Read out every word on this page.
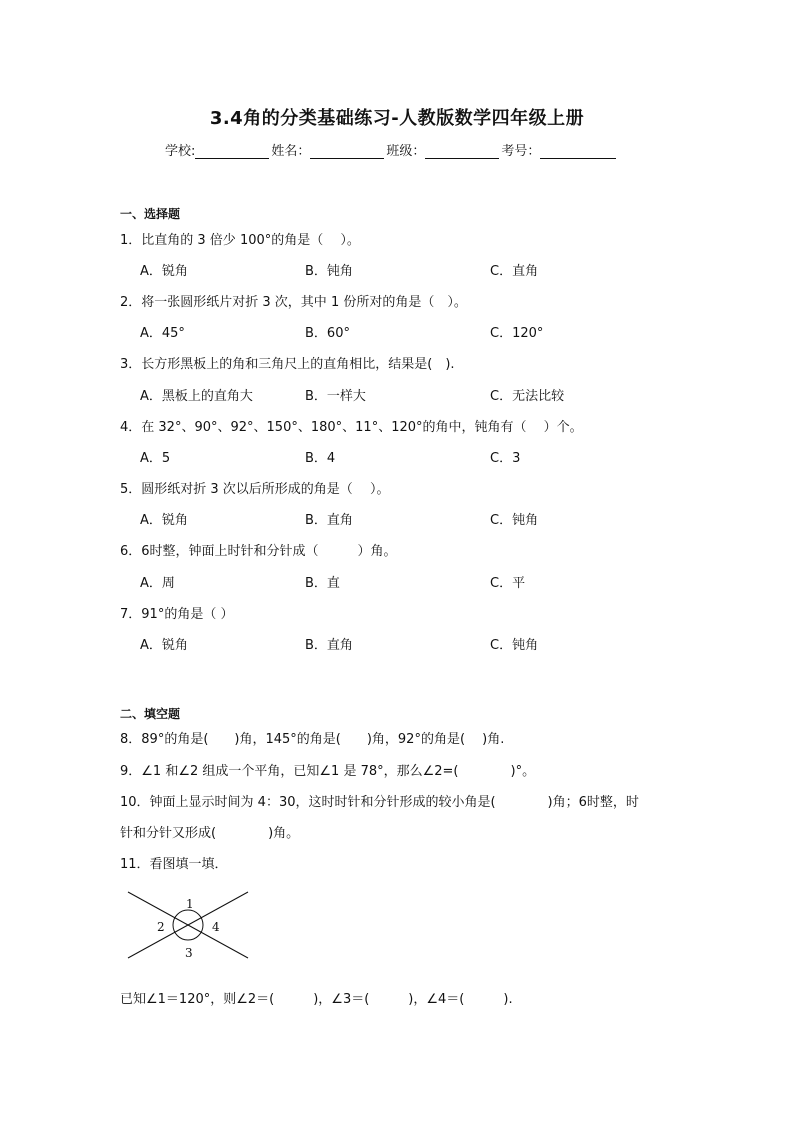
3.4角的分类基础练习-人教版数学四年级上册
学校:	姓名：	班级：	考号：
一、选择题
1．比直角的 3 倍少 100°的角是（　 ）。
A．锐角	B．钝角	C．直角
2．将一张圆形纸片对折 3 次，其中 1 份所对的角是（　）。
A．45°	B．60°	C．120°
3．长方形黑板上的角和三角尺上的直角相比，结果是(　).
A．黑板上的直角大	B．一样大	C．无法比较
4．在 32°、90°、92°、150°、180°、11°、120°的角中，钝角有（　 ）个。
A．5	B．4	C．3
5．圆形纸对折 3 次以后所形成的角是（　 ）。
A．锐角	B．直角	C．钝角
6．6时整，钟面上时针和分针成（　　　）角。
A．周	B．直	C．平
7．91°的角是（ ）
A．锐角	B．直角	C．钝角
二、填空题
8．89°的角是(　　)角，145°的角是(　　)角，92°的角是(　 )角.
9．∠1 和∠2 组成一个平角，已知∠1 是 78°，那么∠2=(　　　　)°。
10．钟面上显示时间为 4：30，这时时针和分针形成的较小角是(　　　　)角；6时整，时
针和分针又形成(　　　　)角。
11．看图填一填．
1
2
3
4
已知∠1＝120°，则∠2＝(　　　)，∠3＝(　　　)，∠4＝(　　　).
